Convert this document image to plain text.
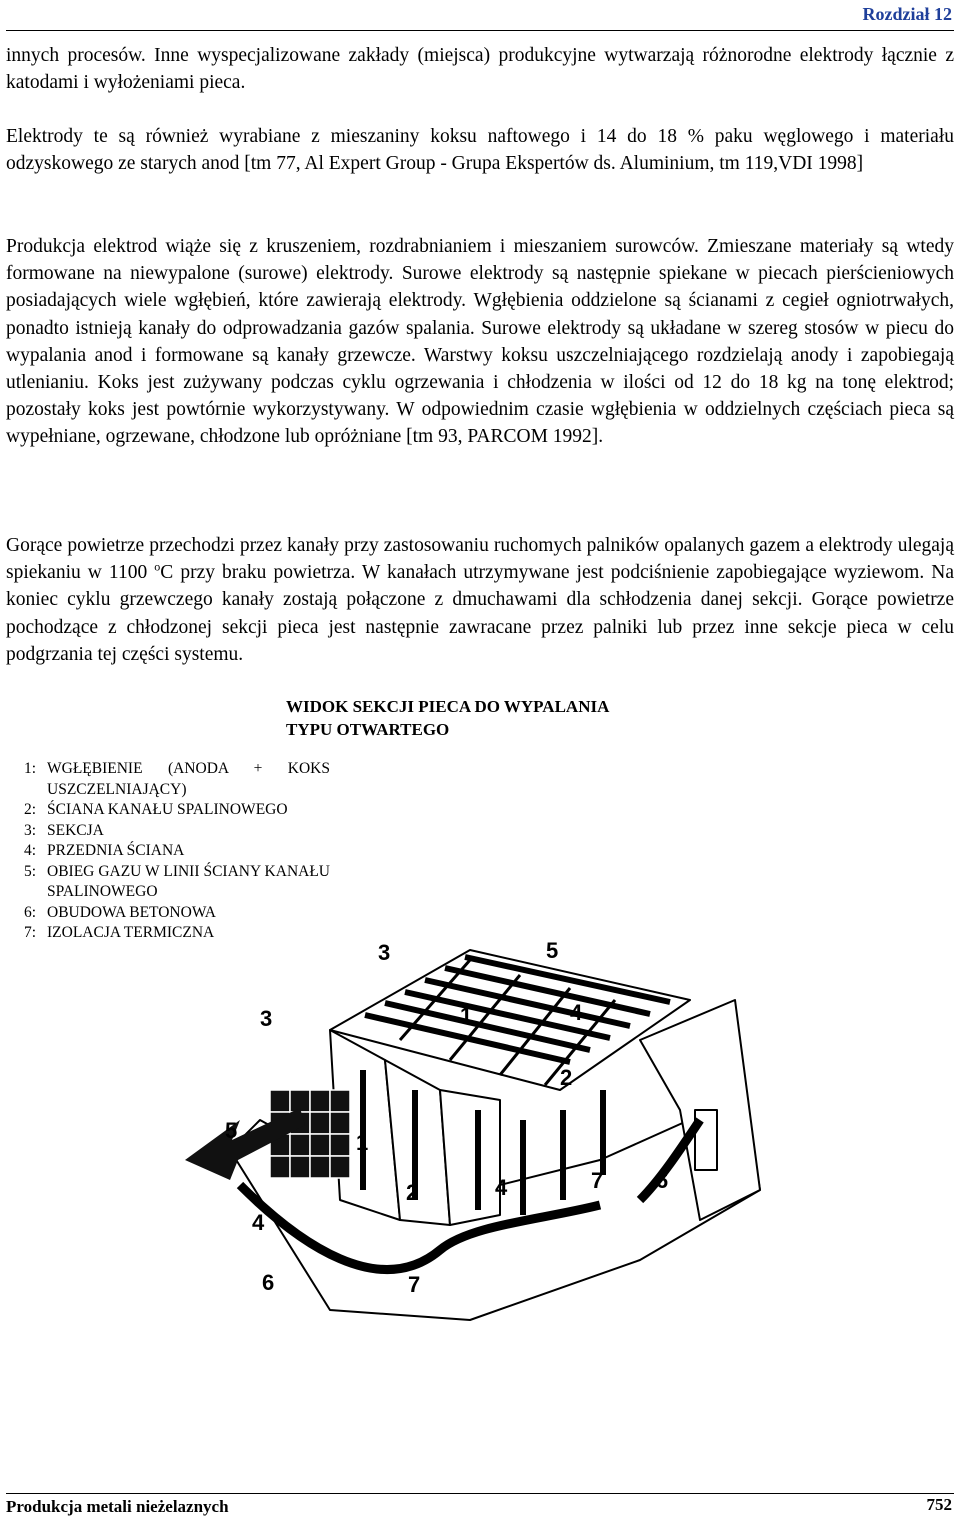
Rozdział 12

innych procesów. Inne wyspecjalizowane zakłady (miejsca) produkcyjne wytwarzają różnorodne elektrody łącznie z katodami i wyłożeniami pieca.

Elektrody te są również wyrabiane z mieszaniny koksu naftowego i 14 do 18 % paku węglowego i materiału odzyskowego ze starych anod [tm 77, Al Expert Group - Grupa Ekspertów ds. Aluminium, tm 119,VDI 1998]

Produkcja elektrod wiąże się z kruszeniem, rozdrabnianiem i mieszaniem surowców. Zmieszane materiały są wtedy formowane na niewypalone (surowe) elektrody. Surowe elektrody są następnie spiekane w piecach pierścieniowych posiadających wiele wgłębień, które zawierają elektrody. Wgłębienia oddzielone są ścianami z cegieł ogniotrwałych, ponadto istnieją kanały do odprowadzania gazów spalania. Surowe elektrody są układane w szereg stosów w piecu do wypalania anod i formowane są kanały grzewcze. Warstwy koksu uszczelniającego rozdzielają anody i zapobiegają utlenianiu. Koks jest zużywany podczas cyklu ogrzewania i chłodzenia w ilości od 12 do 18 kg na tonę elektrod; pozostały koks jest powtórnie wykorzystywany. W odpowiednim czasie wgłębienia w oddzielnych częściach pieca są wypełniane, ogrzewane, chłodzone lub opróżniane [tm 93, PARCOM 1992].

Gorące powietrze przechodzi przez kanały przy zastosowaniu ruchomych palników opalanych gazem a elektrody ulegają spiekaniu w 1100 $^o$C przy braku powietrza. W kanałach utrzymywane jest podciśnienie zapobiegające wyziewom. Na koniec cyklu grzewczego kanały zostają połączone z dmuchawami dla schłodzenia danej sekcji. Gorące powietrze pochodzące z chłodzonej sekcji pieca jest następnie zawracane przez palniki lub przez inne sekcje pieca w celu podgrzania tej części systemu.

WIDOK SEKCJI PIECA DO WYPALANIA
TYPU OTWARTEGO
1: WGŁĘBIENIE (ANODA + KOKS USZCZELNIAJĄCY)
2: ŚCIANA KANAŁU SPALINOWEGO
3: SEKCJA
4: PRZEDNIA ŚCIANA
5: OBIEG GAZU W LINII ŚCIANY KANAŁU SPALINOWEGO
6: OBUDOWA BETONOWA
7: IZOLACJA TERMICZNA
1
1
2
2
3
3	4
4
4
5
5
6
6
7
7
Produkcja metali nieżelaznych	752
